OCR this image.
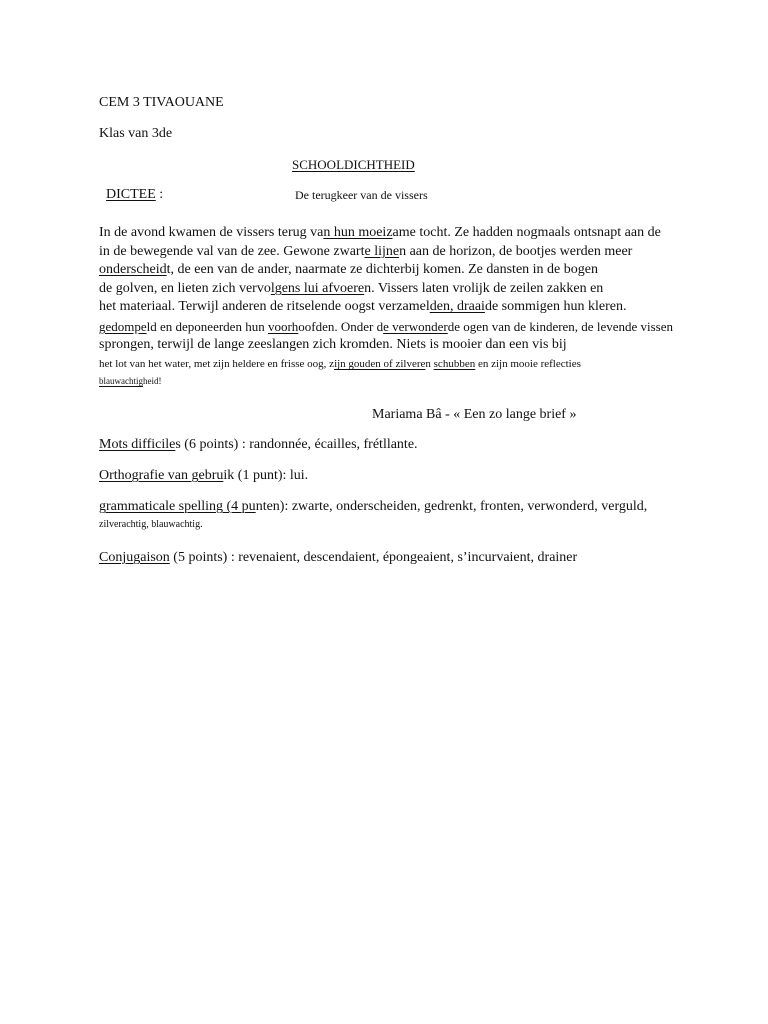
CEM 3 TIVAOUANE
Klas van 3de
SCHOOLDICHTHEID
DICTEE :	De terugkeer van de vissers
In de avond kwamen de vissers terug van hun moeizame tocht. Ze hadden nogmaals ontsnapt aan de
in de bewegende val van de zee. Gewone zwarte lijnen aan de horizon, de bootjes werden meer
onderscheidt, de een van de ander, naarmate ze dichterbij komen. Ze dansten in de bogen
de golven, en lieten zich vervolgens lui afvoeren. Vissers laten vrolijk de zeilen zakken en
het materiaal. Terwijl anderen de ritselende oogst verzamelden, draaide sommigen hun kleren.
gedompeld en deponeerden hun voorhoofden. Onder de verwonderde ogen van de kinderen, de levende vissen
sprongen, terwijl de lange zeeslangen zich kromden. Niets is mooier dan een vis bij
het lot van het water, met zijn heldere en frisse oog, zijn gouden of zilveren schubben en zijn mooie reflecties
blauwachtigheid!
Mariama Bâ - « Een zo lange brief »
Mots difficiles (6 points) : randonnée, écailles, frétllante.
Orthografie van gebruik (1 punt): lui.
grammaticale spelling (4 punten): zwarte, onderscheiden, gedrenkt, fronten, verwonderd, verguld,
zilverachtig, blauwachtig.
Conjugaison (5 points) : revenaient, descendaient, épongeaient, s’incurvaient, drainer
